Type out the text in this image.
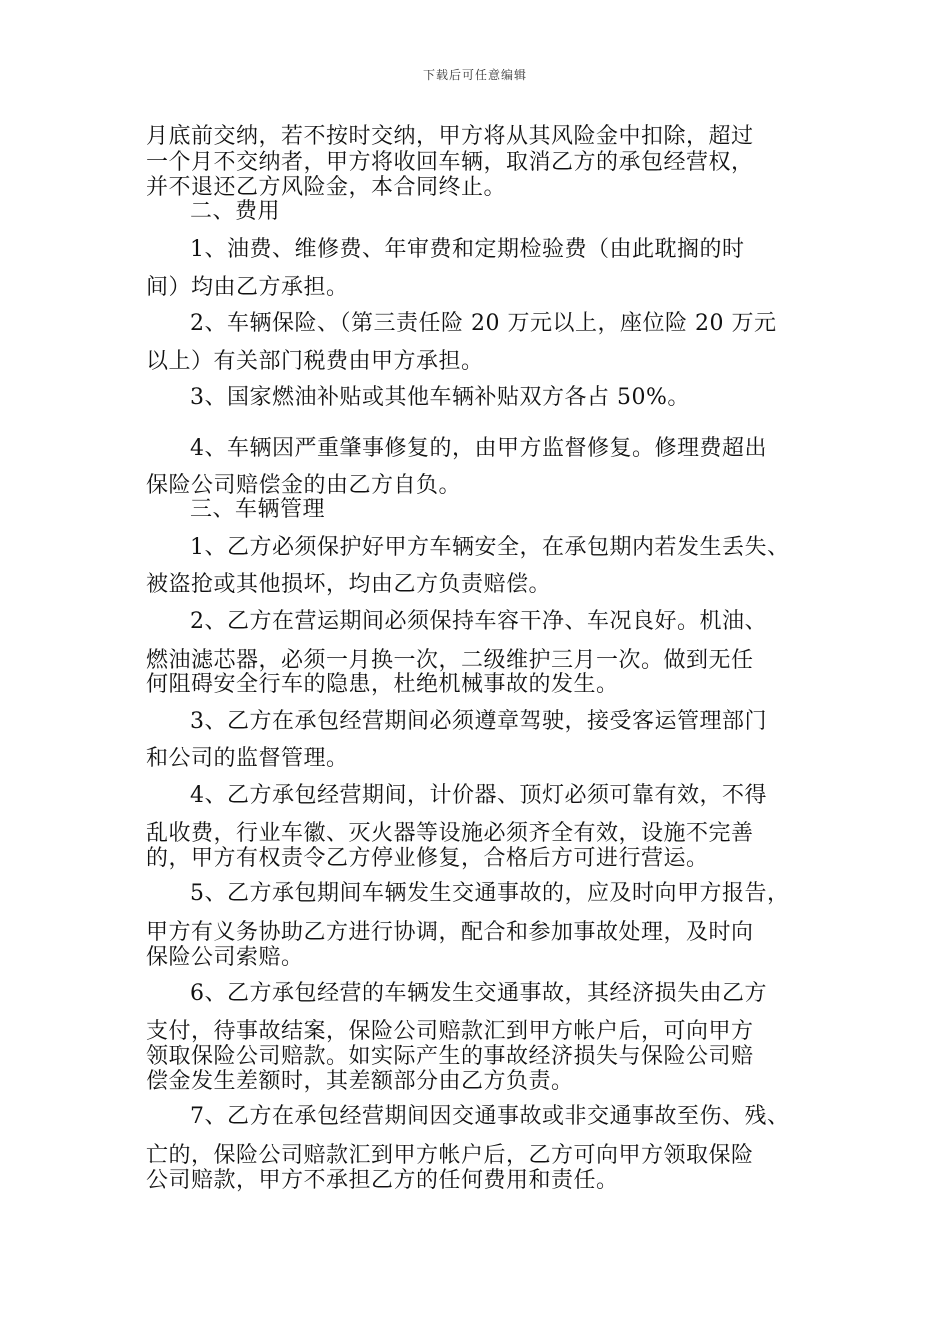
下载后可任意编辑
月底前交纳，若不按时交纳，甲方将从其风险金中扣除，超过
一个月不交纳者，甲方将收回车辆，取消乙方的承包经营权，
并不退还乙方风险金，本合同终止。
二、费用
1、油费、维修费、年审费和定期检验费（由此耽搁的时
间）均由乙方承担。
2、车辆保险、（第三责任险 20 万元以上，座位险 20 万元
以上）有关部门税费由甲方承担。
3、国家燃油补贴或其他车辆补贴双方各占 50%。
4、车辆因严重肇事修复的，由甲方监督修复。修理费超出
保险公司赔偿金的由乙方自负。
三、车辆管理
1、乙方必须保护好甲方车辆安全，在承包期内若发生丢失、
被盗抢或其他损坏，均由乙方负责赔偿。
2、乙方在营运期间必须保持车容干净、车况良好。机油、
燃油滤芯器，必须一月换一次，二级维护三月一次。做到无任
何阻碍安全行车的隐患，杜绝机械事故的发生。
3、乙方在承包经营期间必须遵章驾驶，接受客运管理部门
和公司的监督管理。
4、乙方承包经营期间，计价器、顶灯必须可靠有效，不得
乱收费，行业车徽、灭火器等设施必须齐全有效，设施不完善
的，甲方有权责令乙方停业修复，合格后方可进行营运。
5、乙方承包期间车辆发生交通事故的，应及时向甲方报告，
甲方有义务协助乙方进行协调，配合和参加事故处理，及时向
保险公司索赔。
6、乙方承包经营的车辆发生交通事故，其经济损失由乙方
支付，待事故结案，保险公司赔款汇到甲方帐户后，可向甲方
领取保险公司赔款。如实际产生的事故经济损失与保险公司赔
偿金发生差额时，其差额部分由乙方负责。
7、乙方在承包经营期间因交通事故或非交通事故至伤、残、
亡的，保险公司赔款汇到甲方帐户后，乙方可向甲方领取保险
公司赔款，甲方不承担乙方的任何费用和责任。
